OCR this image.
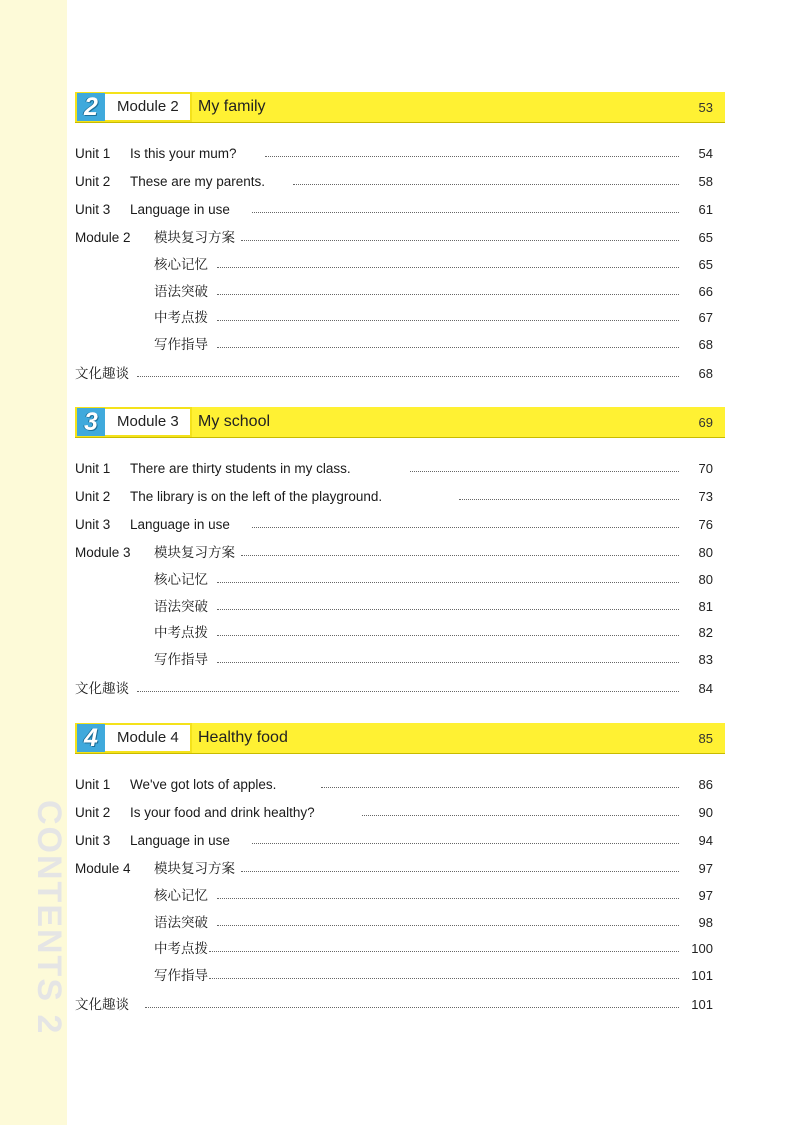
CONTENTS 2
2	Module 2 My family	53
Unit 1 Is this your mum?	54
Unit 2 These are my parents.	58
Unit 3 Language in use	61
Module 2 模块复习方案	65
核心记忆	65
语法突破	66
中考点拨	67
写作指导	68
文化趣谈	68
3	Module 3 My school	69
Unit 1 There are thirty students in my class.	70
Unit 2 The library is on the left of the playground.	73
Unit 3 Language in use	76
Module 3 模块复习方案	80
核心记忆	80
语法突破	81
中考点拨	82
写作指导	83
文化趣谈	84
4	Module 4 Healthy food	85
Unit 1 We've got lots of apples.	86
Unit 2 Is your food and drink healthy?	90
Unit 3 Language in use	94
Module 4 模块复习方案	97
核心记忆	97
语法突破	98
中考点拨	100
写作指导	101
文化趣谈	101
